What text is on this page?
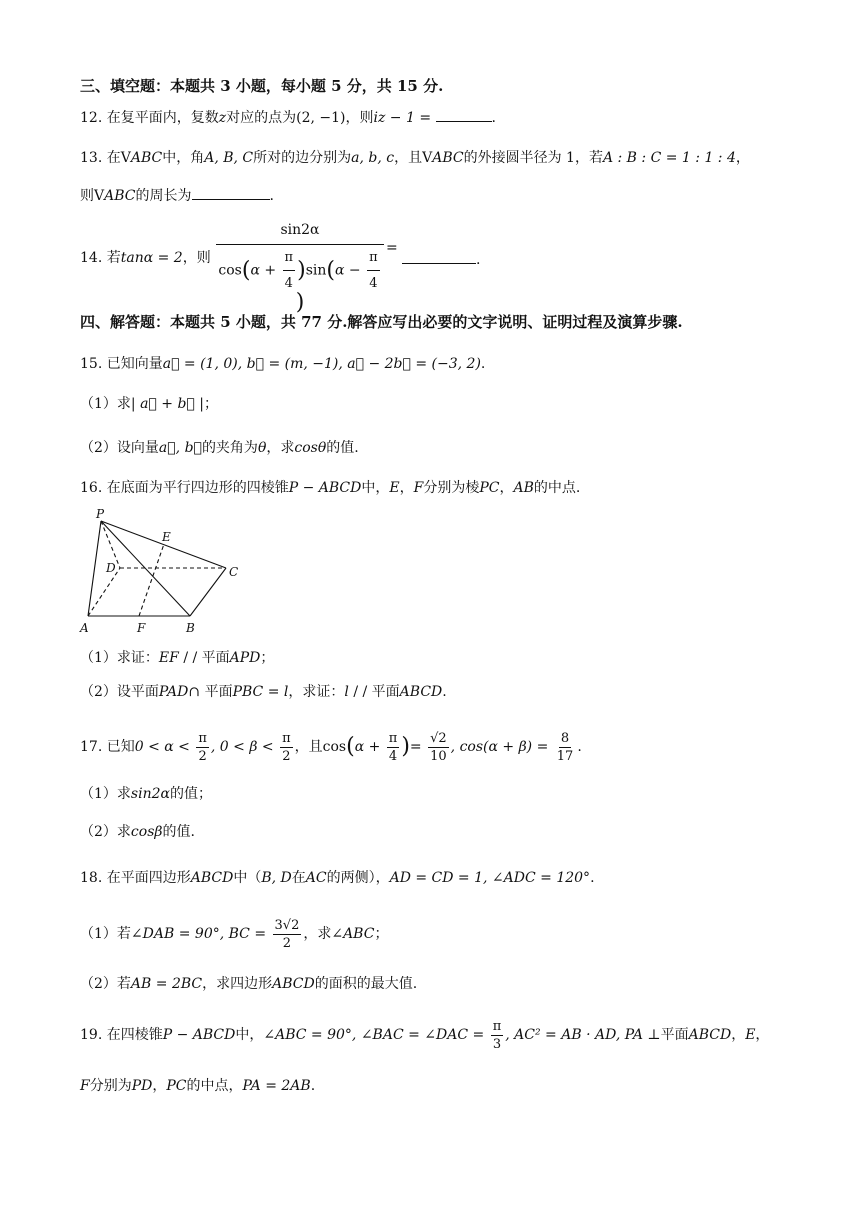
三、填空题：本题共 3 小题，每小题 5 分，共 15 分.
12. 在复平面内，复数z对应的点为(2, −1)，则iz − 1 =	.
13. 在VABC中，角A, B, C所对的边分别为a, b, c，且VABC的外接圆半径为 1，若A : B : C = 1 : 1 : 4，
则VABC的周长为	.
14. 若tanα = 2，则 sin2α
$\cos(\alpha + \frac{\pi}{4} )\sin(\alpha - \frac{\pi}{4}$
) =
.
四、解答题：本题共 5 小题，共 77 分.解答应写出必要的文字说明、证明过程及演算步骤.
15. 已知向量a⃗ = (1, 0), b⃗ = (m, −1), a⃗ − 2b⃗ = (−3, 2).
（1）求| a⃗ + b⃗ |；
（2）设向量a⃗, b⃗的夹角为θ，求cosθ的值.
16. 在底面为平行四边形的四棱锥P − ABCD中，E，F分别为棱PC，AB的中点.
P
E
D	C
A	F	B
（1）求证：EF / / 平面APD；
（2）设平面PAD∩ 平面PBC = l，求证：l / / 平面ABCD.
17. 已知$0 < \alpha < \frac{\pi}{2}$ , $0 < \beta < \frac{\pi}{2}$ ，且$\cos(\alpha + \frac{\pi}{4}$ )= $\frac{√2}{10}$ , $\cos(\alpha + \beta) = \frac{8}{17}$ .
（1）求sin2α的值；
（2）求cosβ的值.
18. 在平面四边形ABCD中（B, D在AC的两侧），AD = CD = 1, ∠ADC = 120°.
（1）若∠DAB = 90°, BC = $\frac{3√2}{2}$ ，求∠ABC；
（2）若AB = 2BC，求四边形ABCD的面积的最大值.
19. 在四棱锥P − ABCD中，∠ABC = 90°, ∠BAC = ∠DAC = $\frac{\pi}{3}$ , AC² = AB · AD, PA ⊥平面ABCD，E，
F分别为PD，PC的中点，PA = 2AB.
